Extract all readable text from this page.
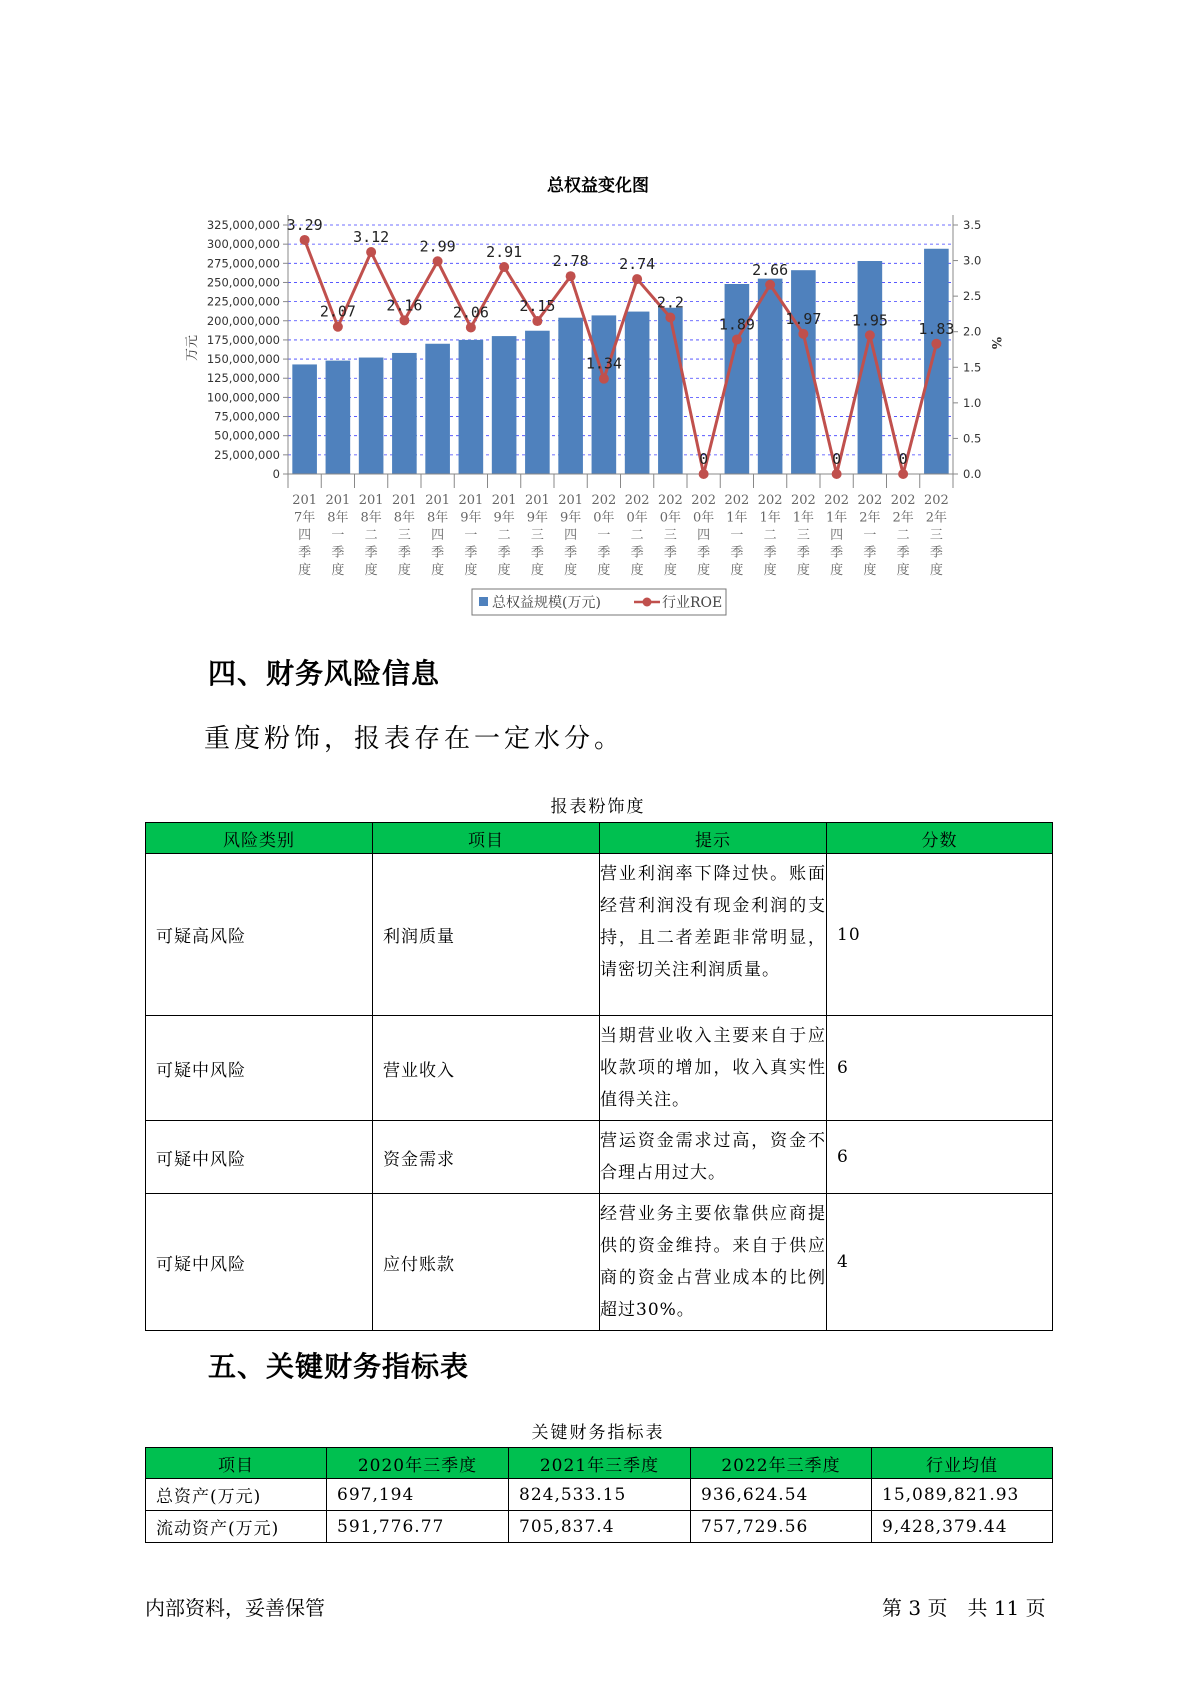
总权益变化图
3.29
2.07
3.12
2.16
2.99
2.06
2.91
2.15
2.78
1.34
2.74
2.2
0
1.89
2.66
1.97
0
1.95
0
1.83
0
25,000,000
50,000,000
75,000,000
100,000,000
125,000,000
150,000,000
175,000,000
200,000,000
225,000,000
250,000,000
275,000,000
300,000,000
325,000,000
0.0
0.5
1.0
1.5
2.0
2.5
3.0
3.5
201
7年
四
季
度
201
8年
一
季
度
201
8年
二
季
度
201
8年
三
季
度
201
8年
四
季
度
201
9年
一
季
度
201
9年
二
季
度
201
9年
三
季
度
201
9年
四
季
度
202
0年
一
季
度
202
0年
二
季
度
202
0年
三
季
度
202
0年
四
季
度
202
1年
一
季
度
202
1年
二
季
度
202
1年
三
季
度
202
1年
四
季
度
202
2年
一
季
度
202
2年
二
季
度
202
2年
三
季
度
万元	%
总权益规模(万元)	行业ROE
四、财务风险信息
重度粉饰，报表存在一定水分。
报表粉饰度
风险类别	项目	提示	分数
可疑高风险	利润质量	营业利润率下降过快。账面经营利润没有现金利润的支持，且二者差距非常明显，请密切关注利润质量。	10
可疑中风险	营业收入	当期营业收入主要来自于应收款项的增加，收入真实性值得关注。	6
可疑中风险	资金需求	营运资金需求过高，资金不合理占用过大。	6
可疑中风险	应付账款	经营业务主要依靠供应商提供的资金维持。来自于供应商的资金占营业成本的比例超过30%。	4
五、关键财务指标表
关键财务指标表
项目	2020年三季度	2021年三季度	2022年三季度	行业均值
总资产(万元)	697,194	824,533.15	936,624.54	15,089,821.93
流动资产(万元)	591,776.77	705,837.4	757,729.56	9,428,379.44
内部资料，妥善保管	第 3 页　共 11 页
